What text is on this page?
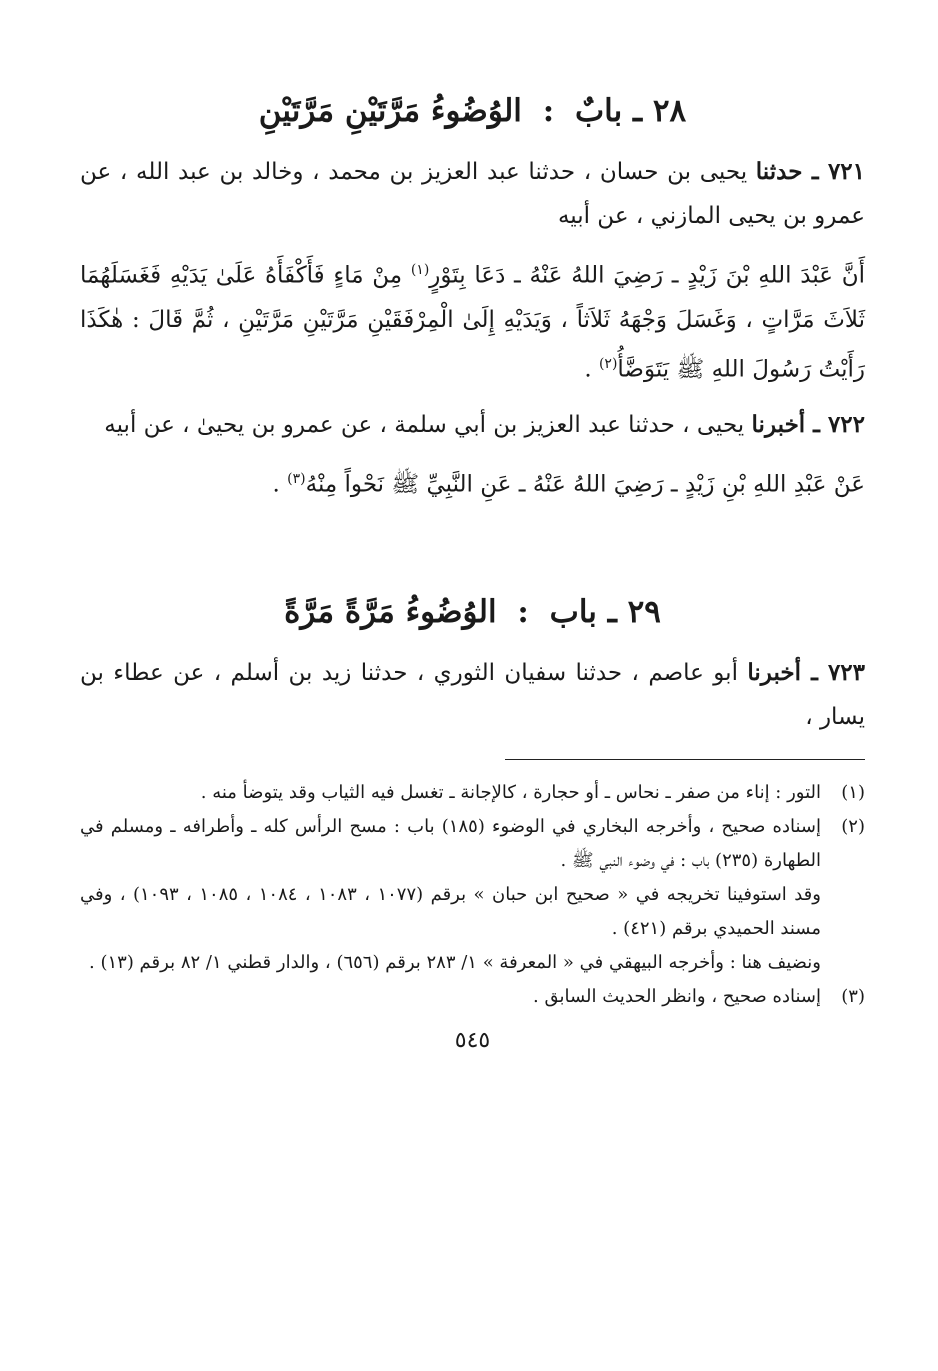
٢٨ ـ بابٌ : الوُضُوءُ مَرَّتَيْنِ مَرَّتَيْنِ

٧٢١ ـ حدثنا يحيى بن حسان ، حدثنا عبد العزيز بن محمد ، وخالد بن عبد الله ، عن عمرو بن يحيى المازني ، عن أبيه

أَنَّ عَبْدَ اللهِ بْنَ زَيْدٍ ـ رَضِيَ اللهُ عَنْهُ ـ دَعَا بِتَوْرٍ$^{(١)}$ مِنْ مَاءٍ فَأَكْفَأَهُ عَلَىٰ يَدَيْهِ فَغَسَلَهُمَا ثَلاَثَ مَرَّاتٍ ، وَغَسَلَ وَجْهَهُ ثَلاَثاً ، وَيَدَيْهِ إِلَىٰ الْمِرْفَقَيْنِ مَرَّتَيْنِ مَرَّتَيْنِ ، ثُمَّ قَالَ : هٰكَذَا رَأَيْتُ رَسُولَ اللهِ ﷺ يَتَوَضَّأُ$^{(٢)}$ .

٧٢٢ ـ أخبرنا يحيى ، حدثنا عبد العزيز بن أبي سلمة ، عن عمرو بن يحيىٰ ، عن أبيه

عَنْ عَبْدِ اللهِ بْنِ زَيْدٍ ـ رَضِيَ اللهُ عَنْهُ ـ عَنِ النَّبِيِّ ﷺ نَحْواً مِنْهُ$^{(٣)}$ .

٢٩ ـ باب : الوُضُوءُ مَرَّةً مَرَّةً

٧٢٣ ـ أخبرنا أبو عاصم ، حدثنا سفيان الثوري ، حدثنا زيد بن أسلم ، عن عطاء بن يسار ،

(١)

التور : إناء من صفر ـ نحاس ـ أو حجارة ، كالإجانة ـ تغسل فيه الثياب وقد يتوضأ منه .

(٢)

إسناده صحيح ، وأخرجه البخاري في الوضوء (١٨٥) باب : مسح الرأس كله ـ وأطرافه ـ ومسلم في الطهارة (٢٣٥) باب : في وضوء النبي ﷺ .

وقد استوفينا تخريجه في « صحيح ابن حبان » برقم (١٠٧٧ ، ١٠٨٣ ، ١٠٨٤ ، ١٠٨٥ ، ١٠٩٣) ، وفي مسند الحميدي برقم (٤٢١) .

ونضيف هنا : وأخرجه البيهقي في « المعرفة » ١/ ٢٨٣ برقم (٦٥٦) ، والدار قطني ١/ ٨٢ برقم (١٣) .

(٣)

إسناده صحيح ، وانظر الحديث السابق .

٥٤٥
